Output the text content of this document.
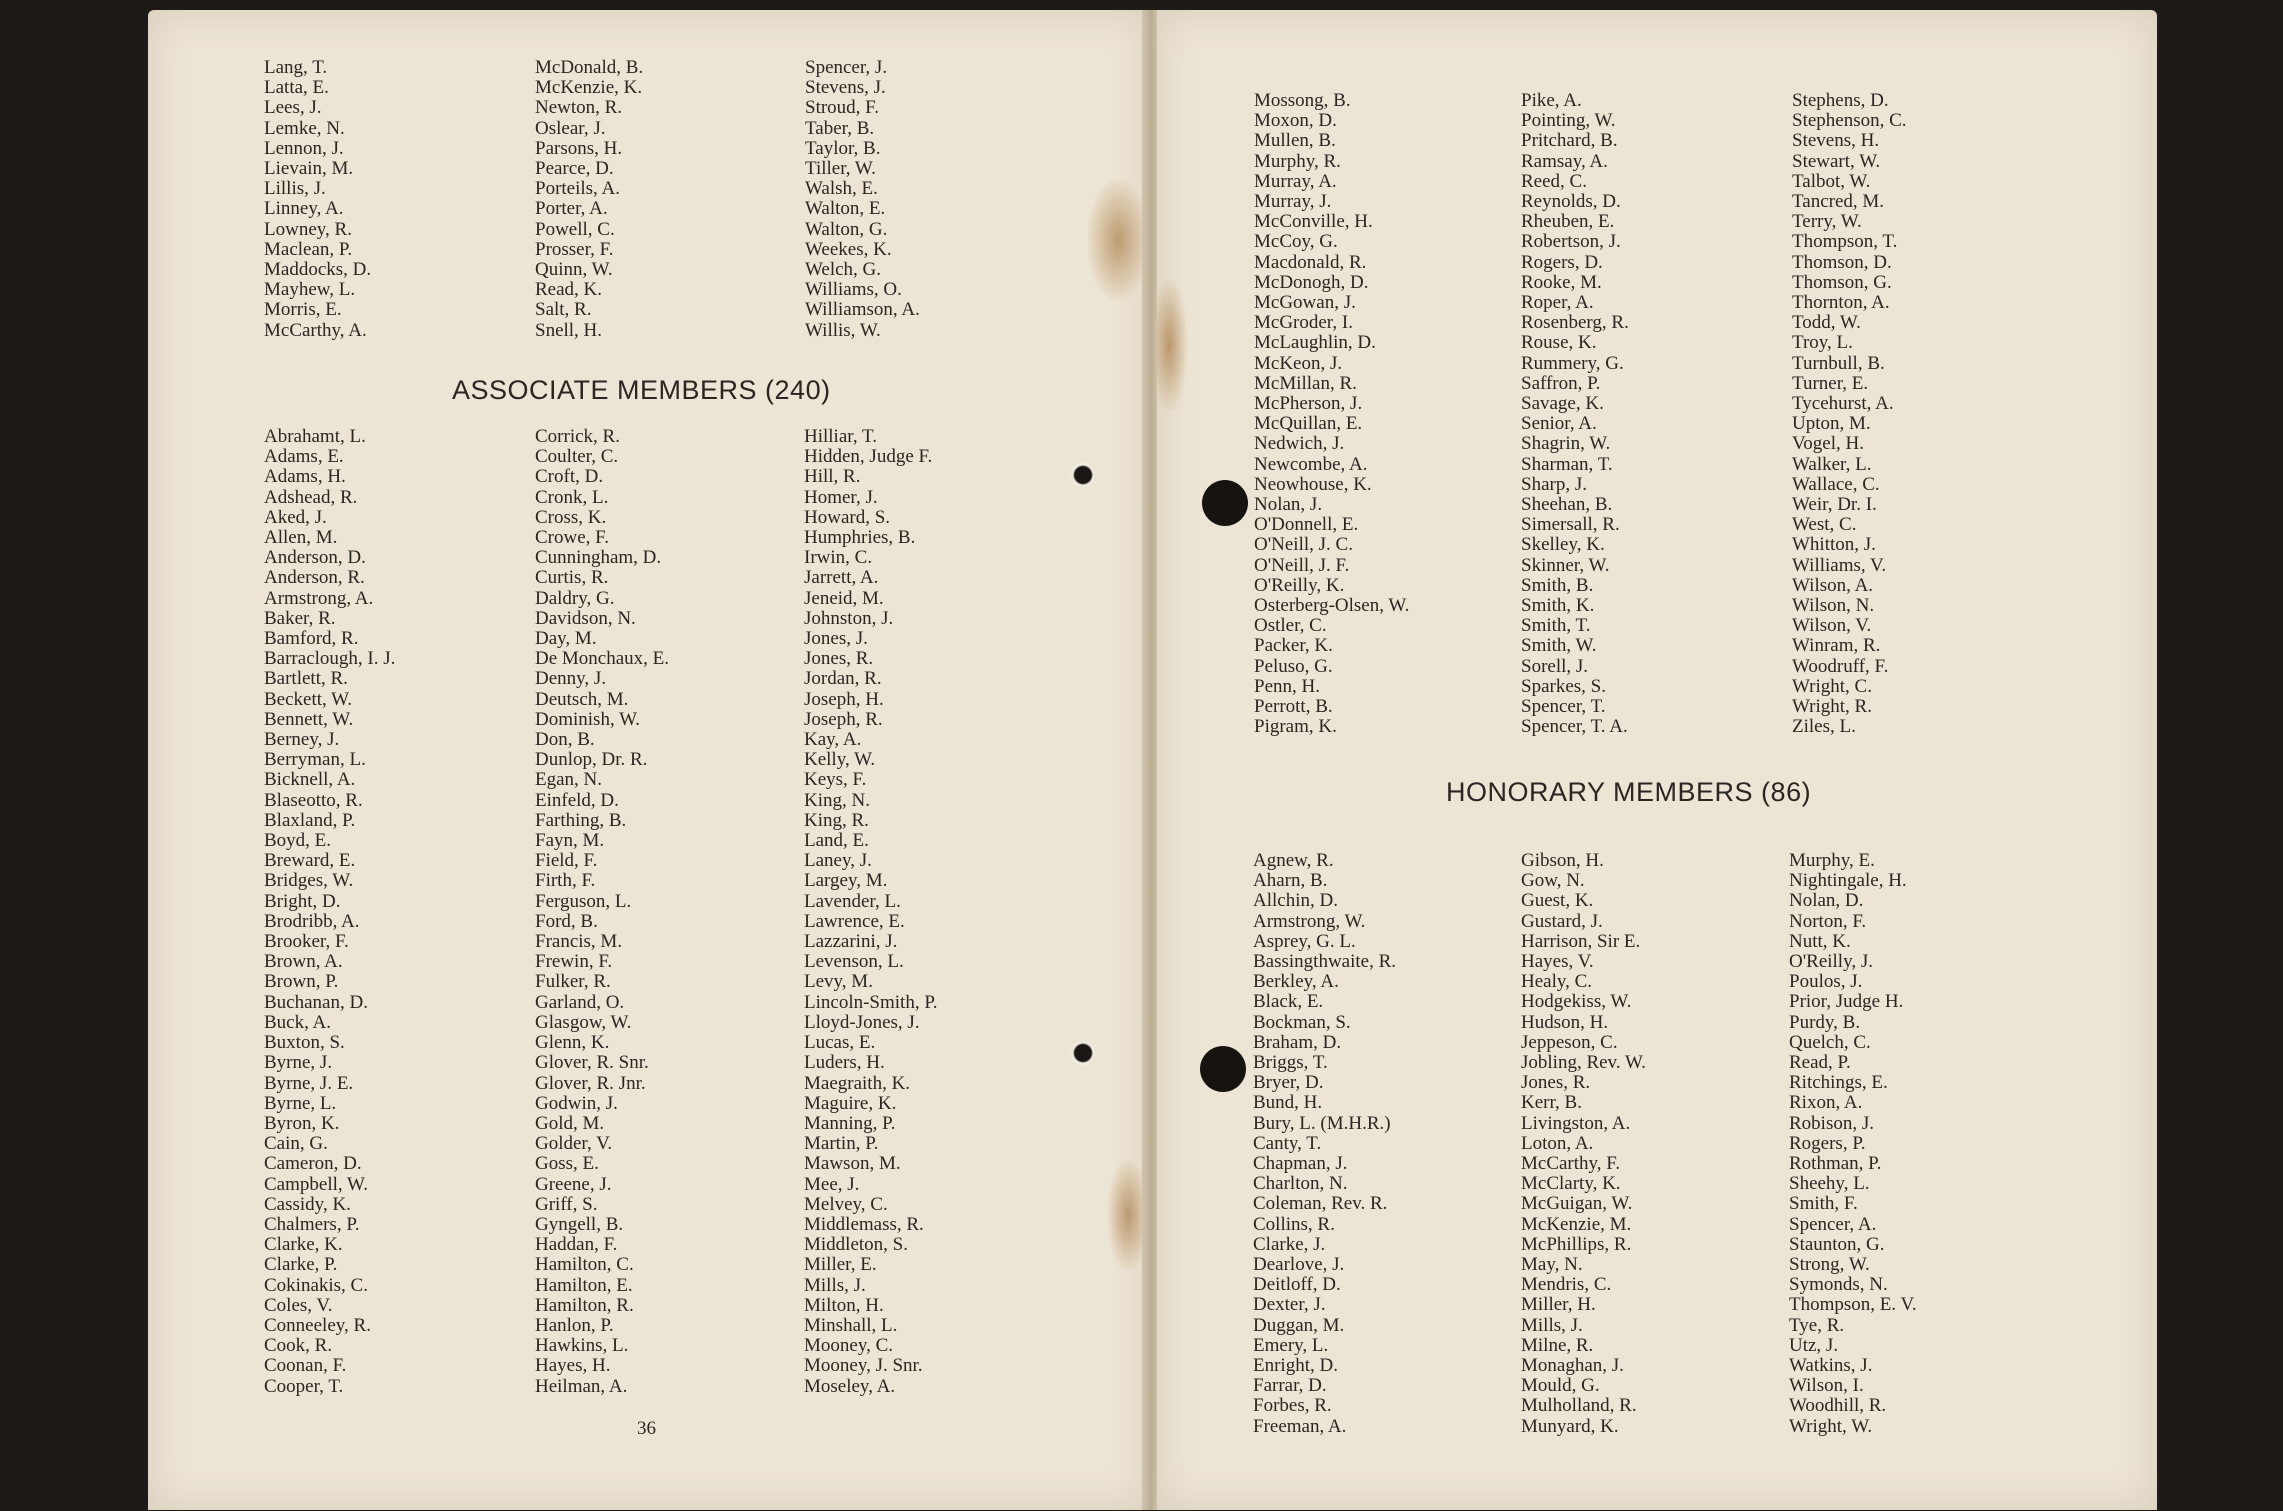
Lang, T.
Latta, E.
Lees, J.
Lemke, N.
Lennon, J.
Lievain, M.
Lillis, J.
Linney, A.
Lowney, R.
Maclean, P.
Maddocks, D.
Mayhew, L.
Morris, E.
McCarthy, A.
McDonald, B.
McKenzie, K.
Newton, R.
Oslear, J.
Parsons, H.
Pearce, D.
Porteils, A.
Porter, A.
Powell, C.
Prosser, F.
Quinn, W.
Read, K.
Salt, R.
Snell, H.
Spencer, J.
Stevens, J.
Stroud, F.
Taber, B.
Taylor, B.
Tiller, W.
Walsh, E.
Walton, E.
Walton, G.
Weekes, K.
Welch, G.
Williams, O.
Williamson, A.
Willis, W.
ASSOCIATE MEMBERS (240)
Abrahamt, L.
Adams, E.
Adams, H.
Adshead, R.
Aked, J.
Allen, M.
Anderson, D.
Anderson, R.
Armstrong, A.
Baker, R.
Bamford, R.
Barraclough, I. J.
Bartlett, R.
Beckett, W.
Bennett, W.
Berney, J.
Berryman, L.
Bicknell, A.
Blaseotto, R.
Blaxland, P.
Boyd, E.
Breward, E.
Bridges, W.
Bright, D.
Brodribb, A.
Brooker, F.
Brown, A.
Brown, P.
Buchanan, D.
Buck, A.
Buxton, S.
Byrne, J.
Byrne, J. E.
Byrne, L.
Byron, K.
Cain, G.
Cameron, D.
Campbell, W.
Cassidy, K.
Chalmers, P.
Clarke, K.
Clarke, P.
Cokinakis, C.
Coles, V.
Conneeley, R.
Cook, R.
Coonan, F.
Cooper, T.
Corrick, R.
Coulter, C.
Croft, D.
Cronk, L.
Cross, K.
Crowe, F.
Cunningham, D.
Curtis, R.
Daldry, G.
Davidson, N.
Day, M.
De Monchaux, E.
Denny, J.
Deutsch, M.
Dominish, W.
Don, B.
Dunlop, Dr. R.
Egan, N.
Einfeld, D.
Farthing, B.
Fayn, M.
Field, F.
Firth, F.
Ferguson, L.
Ford, B.
Francis, M.
Frewin, F.
Fulker, R.
Garland, O.
Glasgow, W.
Glenn, K.
Glover, R. Snr.
Glover, R. Jnr.
Godwin, J.
Gold, M.
Golder, V.
Goss, E.
Greene, J.
Griff, S.
Gyngell, B.
Haddan, F.
Hamilton, C.
Hamilton, E.
Hamilton, R.
Hanlon, P.
Hawkins, L.
Hayes, H.
Heilman, A.
Hilliar, T.
Hidden, Judge F.
Hill, R.
Homer, J.
Howard, S.
Humphries, B.
Irwin, C.
Jarrett, A.
Jeneid, M.
Johnston, J.
Jones, J.
Jones, R.
Jordan, R.
Joseph, H.
Joseph, R.
Kay, A.
Kelly, W.
Keys, F.
King, N.
King, R.
Land, E.
Laney, J.
Largey, M.
Lavender, L.
Lawrence, E.
Lazzarini, J.
Levenson, L.
Levy, M.
Lincoln-Smith, P.
Lloyd-Jones, J.
Lucas, E.
Luders, H.
Maegraith, K.
Maguire, K.
Manning, P.
Martin, P.
Mawson, M.
Mee, J.
Melvey, C.
Middlemass, R.
Middleton, S.
Miller, E.
Mills, J.
Milton, H.
Minshall, L.
Mooney, C.
Mooney, J. Snr.
Moseley, A.
36
Mossong, B.
Moxon, D.
Mullen, B.
Murphy, R.
Murray, A.
Murray, J.
McConville, H.
McCoy, G.
Macdonald, R.
McDonogh, D.
McGowan, J.
McGroder, I.
McLaughlin, D.
McKeon, J.
McMillan, R.
McPherson, J.
McQuillan, E.
Nedwich, J.
Newcombe, A.
Neowhouse, K.
Nolan, J.
O'Donnell, E.
O'Neill, J. C.
O'Neill, J. F.
O'Reilly, K.
Osterberg-Olsen, W.
Ostler, C.
Packer, K.
Peluso, G.
Penn, H.
Perrott, B.
Pigram, K.
Pike, A.
Pointing, W.
Pritchard, B.
Ramsay, A.
Reed, C.
Reynolds, D.
Rheuben, E.
Robertson, J.
Rogers, D.
Rooke, M.
Roper, A.
Rosenberg, R.
Rouse, K.
Rummery, G.
Saffron, P.
Savage, K.
Senior, A.
Shagrin, W.
Sharman, T.
Sharp, J.
Sheehan, B.
Simersall, R.
Skelley, K.
Skinner, W.
Smith, B.
Smith, K.
Smith, T.
Smith, W.
Sorell, J.
Sparkes, S.
Spencer, T.
Spencer, T. A.
Stephens, D.
Stephenson, C.
Stevens, H.
Stewart, W.
Talbot, W.
Tancred, M.
Terry, W.
Thompson, T.
Thomson, D.
Thomson, G.
Thornton, A.
Todd, W.
Troy, L.
Turnbull, B.
Turner, E.
Tycehurst, A.
Upton, M.
Vogel, H.
Walker, L.
Wallace, C.
Weir, Dr. I.
West, C.
Whitton, J.
Williams, V.
Wilson, A.
Wilson, N.
Wilson, V.
Winram, R.
Woodruff, F.
Wright, C.
Wright, R.
Ziles, L.
HONORARY MEMBERS (86)
Agnew, R.
Aharn, B.
Allchin, D.
Armstrong, W.
Asprey, G. L.
Bassingthwaite, R.
Berkley, A.
Black, E.
Bockman, S.
Braham, D.
Briggs, T.
Bryer, D.
Bund, H.
Bury, L. (M.H.R.)
Canty, T.
Chapman, J.
Charlton, N.
Coleman, Rev. R.
Collins, R.
Clarke, J.
Dearlove, J.
Deitloff, D.
Dexter, J.
Duggan, M.
Emery, L.
Enright, D.
Farrar, D.
Forbes, R.
Freeman, A.
Gibson, H.
Gow, N.
Guest, K.
Gustard, J.
Harrison, Sir E.
Hayes, V.
Healy, C.
Hodgekiss, W.
Hudson, H.
Jeppeson, C.
Jobling, Rev. W.
Jones, R.
Kerr, B.
Livingston, A.
Loton, A.
McCarthy, F.
McClarty, K.
McGuigan, W.
McKenzie, M.
McPhillips, R.
May, N.
Mendris, C.
Miller, H.
Mills, J.
Milne, R.
Monaghan, J.
Mould, G.
Mulholland, R.
Munyard, K.
Murphy, E.
Nightingale, H.
Nolan, D.
Norton, F.
Nutt, K.
O'Reilly, J.
Poulos, J.
Prior, Judge H.
Purdy, B.
Quelch, C.
Read, P.
Ritchings, E.
Rixon, A.
Robison, J.
Rogers, P.
Rothman, P.
Sheehy, L.
Smith, F.
Spencer, A.
Staunton, G.
Strong, W.
Symonds, N.
Thompson, E. V.
Tye, R.
Utz, J.
Watkins, J.
Wilson, I.
Woodhill, R.
Wright, W.
